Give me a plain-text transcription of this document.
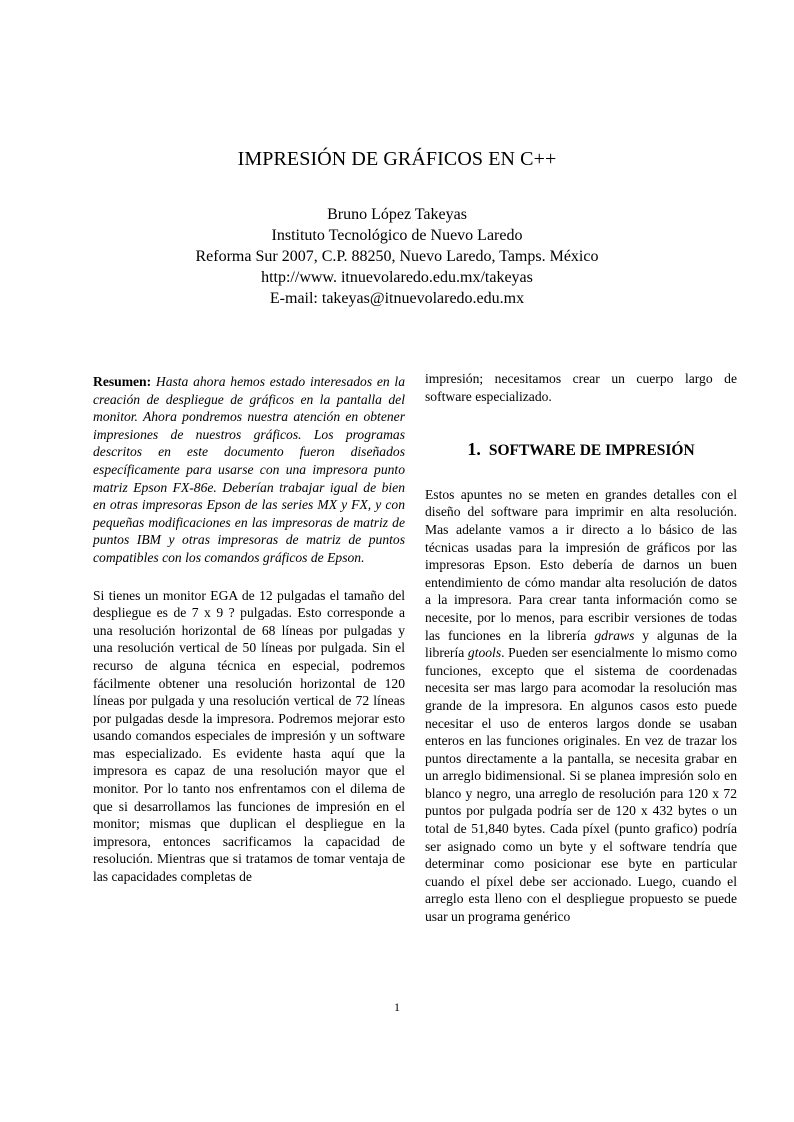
IMPRESIÓN DE GRÁFICOS EN C++
Bruno López Takeyas
Instituto Tecnológico de Nuevo Laredo
Reforma Sur 2007, C.P. 88250, Nuevo Laredo, Tamps. México
http://www. itnuevolaredo.edu.mx/takeyas
E-mail: takeyas@itnuevolaredo.edu.mx

Resumen: Hasta ahora hemos estado interesados en la creación de despliegue de gráficos en la pantalla del monitor. Ahora pondremos nuestra atención en obtener impresiones de nuestros gráficos. Los programas descritos en este documento fueron diseñados específicamente para usarse con una impresora punto matriz Epson FX-86e. Deberían trabajar igual de bien en otras impresoras Epson de las series MX y FX, y con pequeñas modificaciones en las impresoras de matriz de puntos IBM y otras impresoras de matriz de puntos compatibles con los comandos gráficos de Epson.

Si tienes un monitor EGA de 12 pulgadas el tamaño del despliegue es de 7 x 9 ? pulgadas. Esto corresponde a una resolución horizontal de 68 líneas por pulgadas y una resolución vertical de 50 líneas por pulgada. Sin el recurso de alguna técnica en especial, podremos fácilmente obtener una resolución horizontal de 120 líneas por pulgada y una resolución vertical de 72 líneas por pulgadas desde la impresora. Podremos mejorar esto usando comandos especiales de impresión y un software mas especializado. Es evidente hasta aquí que la impresora es capaz de una resolución mayor que el monitor. Por lo tanto nos enfrentamos con el dilema de que si desarrollamos las funciones de impresión en el monitor; mismas que duplican el despliegue en la impresora, entonces sacrificamos la capacidad de resolución. Mientras que si tratamos de tomar ventaja de las capacidades completas de

impresión; necesitamos crear un cuerpo largo de software especializado.

1. SOFTWARE DE IMPRESIÓN

Estos apuntes no se meten en grandes detalles con el diseño del software para imprimir en alta resolución. Mas adelante vamos a ir directo a lo básico de las técnicas usadas para la impresión de gráficos por las impresoras Epson. Esto debería de darnos un buen entendimiento de cómo mandar alta resolución de datos a la impresora. Para crear tanta información como se necesite, por lo menos, para escribir versiones de todas las funciones en la librería gdraws y algunas de la librería gtools. Pueden ser esencialmente lo mismo como funciones, excepto que el sistema de coordenadas necesita ser mas largo para acomodar la resolución mas grande de la impresora. En algunos casos esto puede necesitar el uso de enteros largos donde se usaban enteros en las funciones originales. En vez de trazar los puntos directamente a la pantalla, se necesita grabar en un arreglo bidimensional. Si se planea impresión solo en blanco y negro, una arreglo de resolución para 120 x 72 puntos por pulgada podría ser de 120 x 432 bytes o un total de 51,840 bytes. Cada píxel (punto grafico) podría ser asignado como un byte y el software tendría que determinar como posicionar ese byte en particular cuando el píxel debe ser accionado. Luego, cuando el arreglo esta lleno con el despliegue propuesto se puede usar un programa genérico

1
